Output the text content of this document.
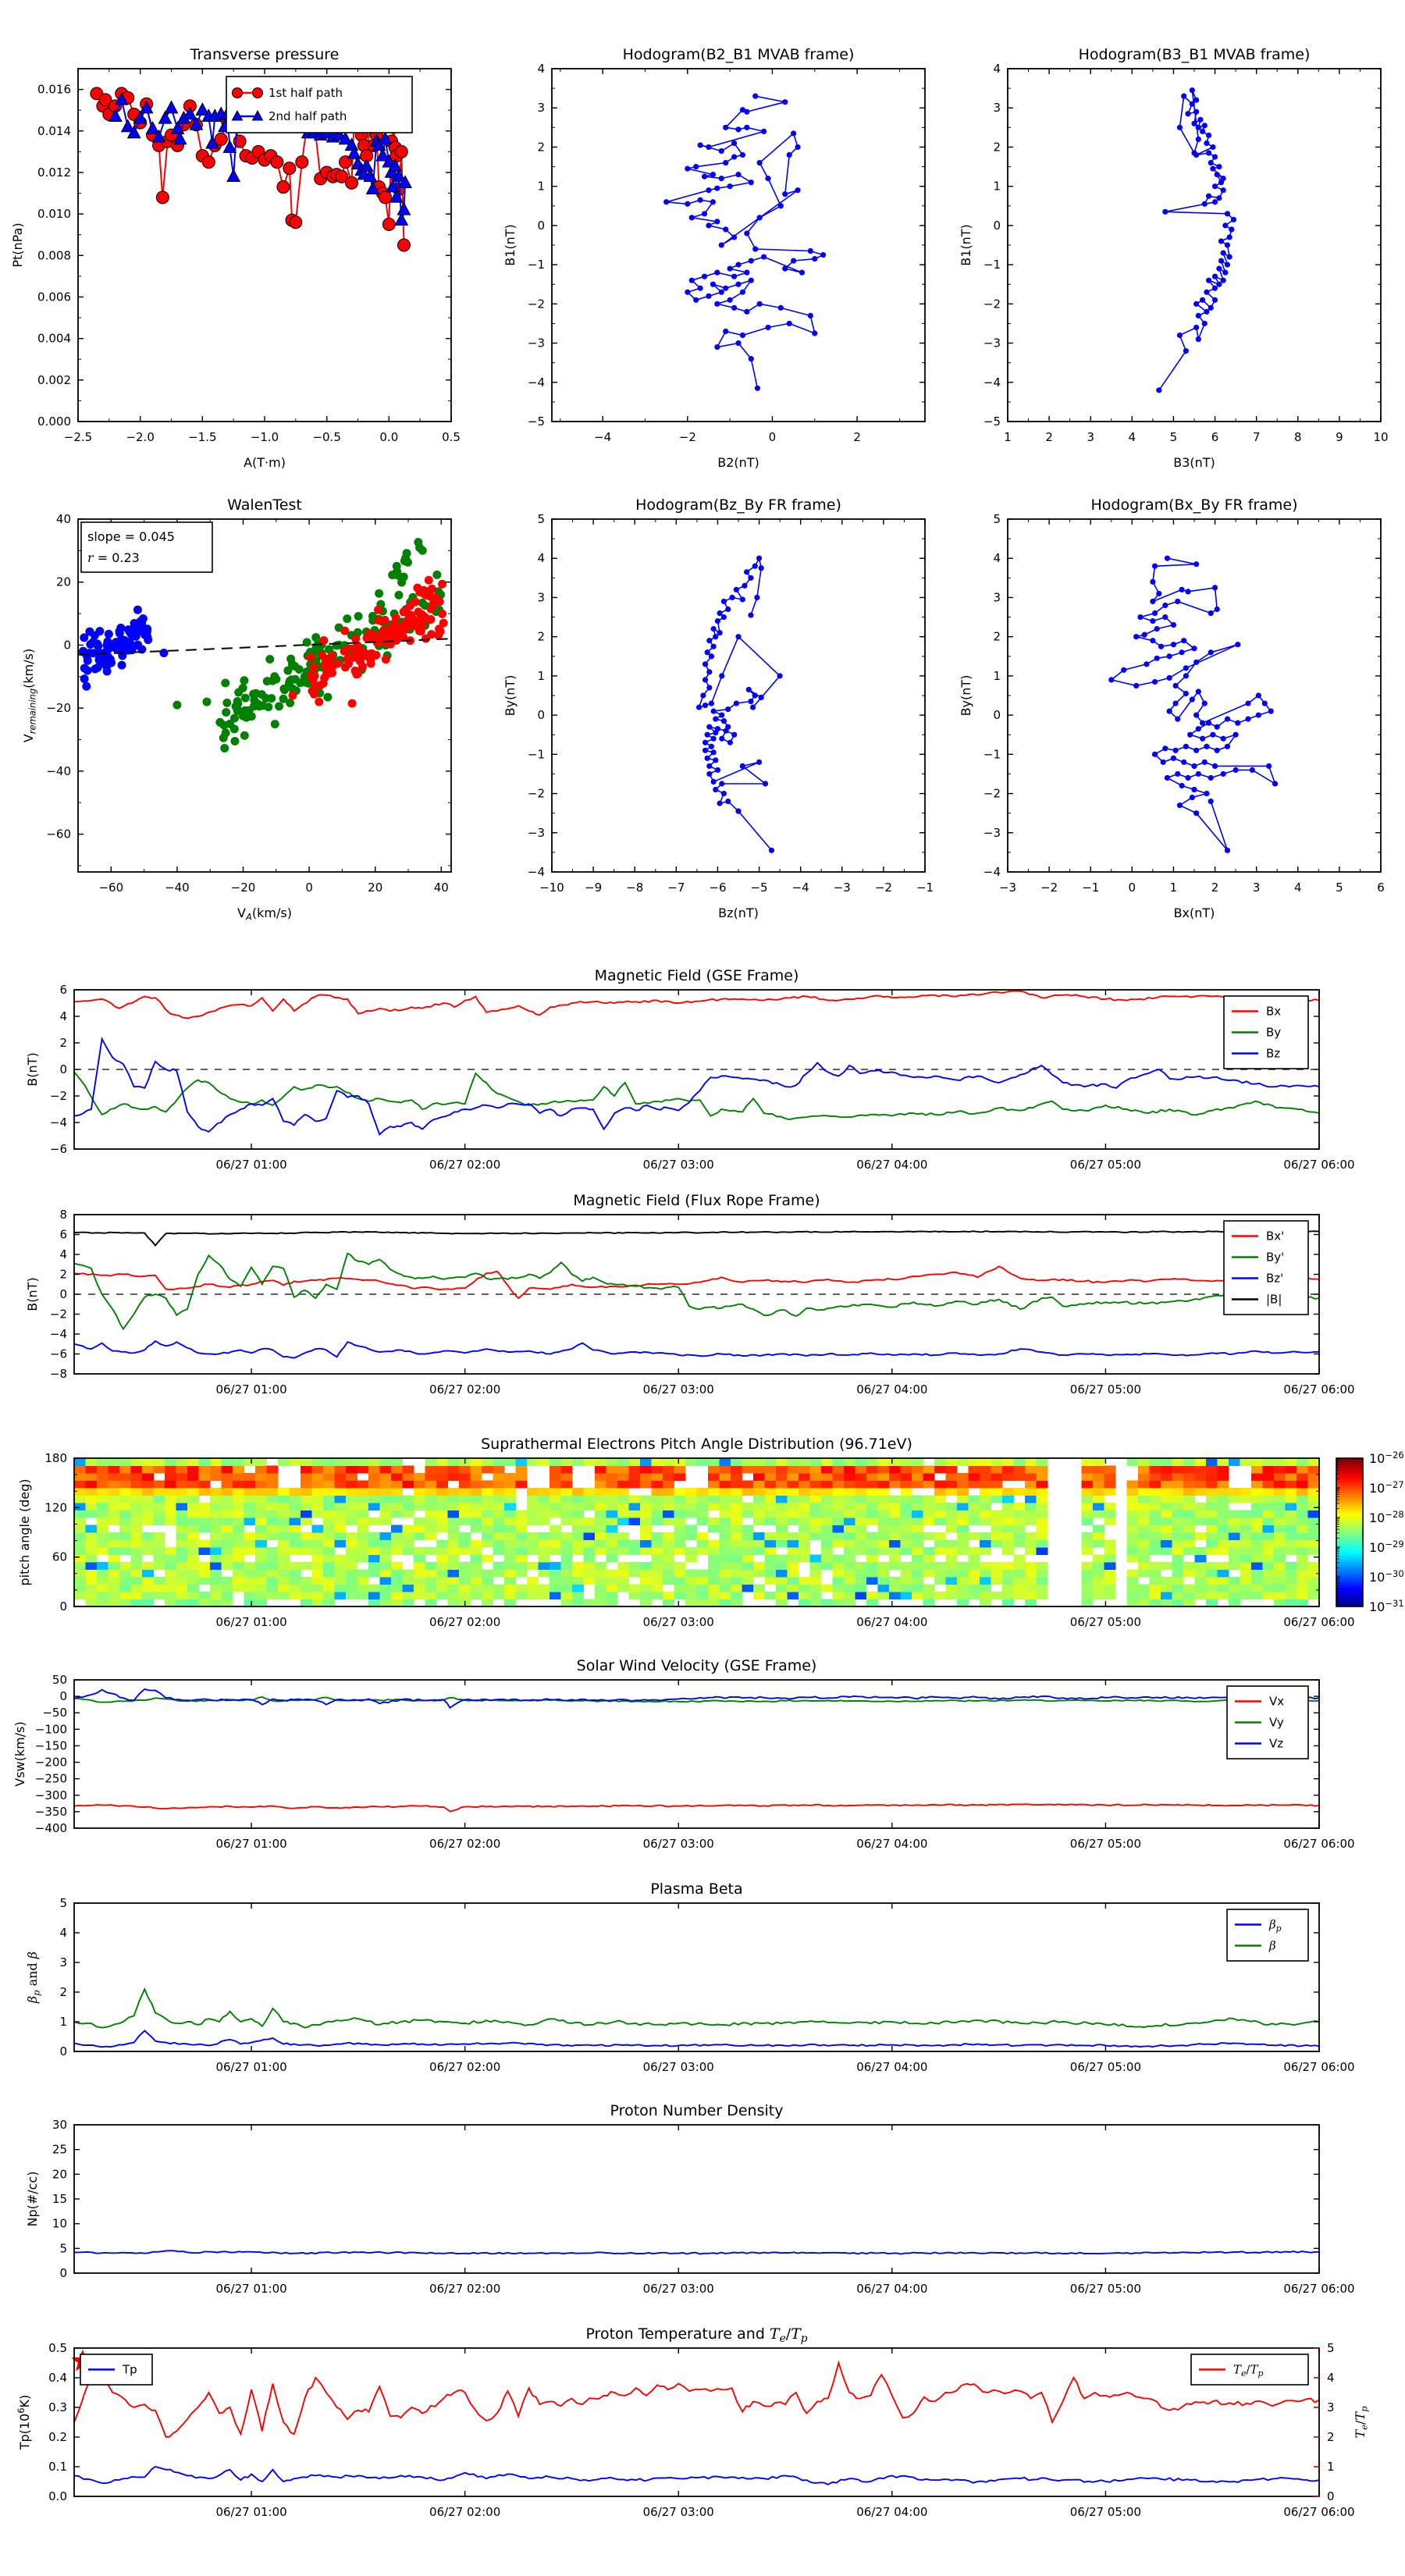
−2.5	−2.0	−1.5	−1.0	−0.5	0.0	0.5
0.000
0.002
0.004
0.006
0.008
0.010
0.012
0.014
0.016
Transverse pressure
A(T·m)
Pt(nPa)
1st half path
2nd half path
−4	−2	0	2
−5
−4
−3
−2
−1
0
1
2
3
4
Hodogram(B2_B1 MVAB frame)
B2(nT)
B1(nT)
1	2	3	4	5	6	7	8	9	10
−5
−4
−3
−2
−1
0
1
2
3
4
Hodogram(B3_B1 MVAB frame)
B3(nT)
B1(nT)
−60	−40	−20	0	20	40
−60
−40
−20
0
20
40
WalenTest
$V_A(km/s)$
$V_{remaining}(km/s)$
slope = 0.045
r = 0.23
−10 −9 −8 −7 −6 −5 −4 −3 −2 −1
−4
−3
−2
−1
0
1
2
3
4
5
Hodogram(Bz_By FR frame)
Bz(nT)
By(nT)
−3 −2 −1 0	1	2	3	4	5	6
−4
−3
−2
−1
0
1
2
3
4
5
Hodogram(Bx_By FR frame)
Bx(nT)
By(nT)
06/27 01:00	06/27 02:00	06/27 03:00	06/27 04:00	06/27 05:00	06/27 06:00
−6
−4
−2
0
2
4
6
Magnetic Field (GSE Frame)
B(nT)
Bx
By
Bz
06/27 01:00	06/27 02:00	06/27 03:00	06/27 04:00	06/27 05:00	06/27 06:00
−8
−6
−4
−2
0
2
4
6
8
Magnetic Field (Flux Rope Frame)
B(nT)
Bx'
By'
Bz'
|B|
06/27 01:00	06/27 02:00	06/27 03:00	06/27 04:00	06/27 05:00	06/27 06:00
0
60
120
180
Suprathermal Electrons Pitch Angle Distribution (96.71eV)
pitch angle (deg)
$10^{-26}$
$10^{-27}$
$10^{-28}$
$10^{-29}$
$10^{-30}$
$10^{-31}$
06/27 01:00	06/27 02:00	06/27 03:00	06/27 04:00	06/27 05:00	06/27 06:00
−400
−350
−300
−250
−200
−150
−100
−50
0
50
Solar Wind Velocity (GSE Frame)
Vsw(km/s)
Vx
Vy
Vz
06/27 01:00	06/27 02:00	06/27 03:00	06/27 04:00	06/27 05:00	06/27 06:00
0
1
2
3
4
5
Plasma Beta
$\beta_p$ and β
$\beta_p$
β
06/27 01:00	06/27 02:00	06/27 03:00	06/27 04:00	06/27 05:00	06/27 06:00
0
5
10
15
20
25
30
Proton Number Density
Np(#/cc)
06/27 01:00	06/27 02:00	06/27 03:00	06/27 04:00	06/27 05:00	06/27 06:00
0.0
0.1
0.2
0.3
0.4
0.5
0
1
2
3
4
5
Proton Temperature and $T_e/T_p$
$Tp(10^6K)$
$T_e/T_p$
Tp	$T_e/T_p$
